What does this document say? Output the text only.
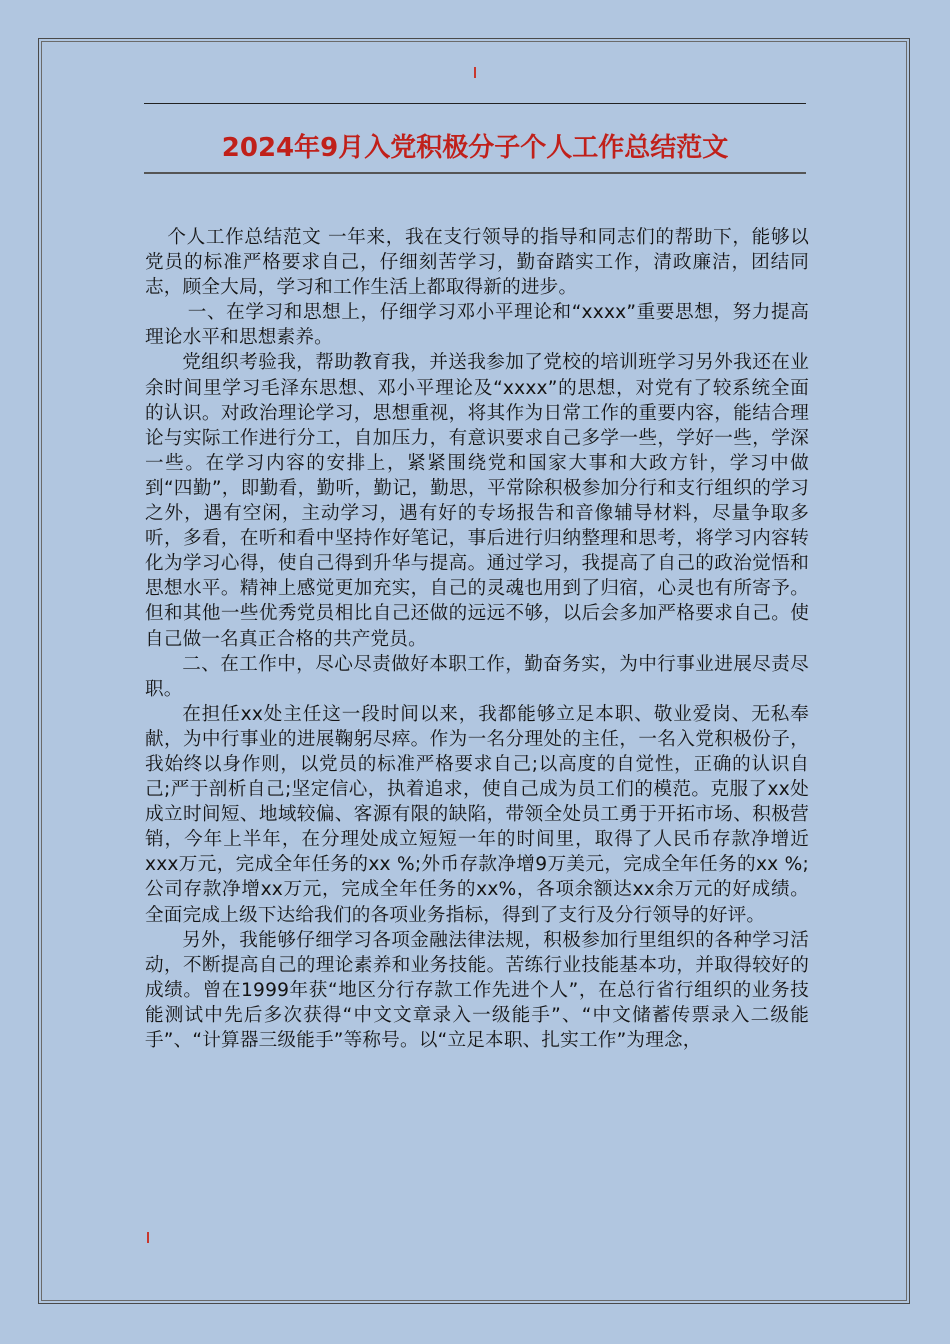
2024年9月入党积极分子个人工作总结范文

个人工作总结范文 一年来，我在支行领导的指导和同志们的帮助下，能够以党员的标准严格要求自己，仔细刻苦学习，勤奋踏实工作，清政廉洁，团结同志，顾全大局，学习和工作生活上都取得新的进步。

一、在学习和思想上，仔细学习邓小平理论和“xxxx”重要思想，努力提高理论水平和思想素养。

党组织考验我，帮助教育我，并送我参加了党校的培训班学习另外我还在业余时间里学习毛泽东思想、邓小平理论及“xxxx”的思想，对党有了较系统全面的认识。对政治理论学习，思想重视，将其作为日常工作的重要内容，能结合理论与实际工作进行分工，自加压力，有意识要求自己多学一些，学好一些，学深一些。在学习内容的安排上，紧紧围绕党和国家大事和大政方针，学习中做到“四勤”，即勤看，勤听，勤记，勤思，平常除积极参加分行和支行组织的学习之外，遇有空闲，主动学习，遇有好的专场报告和音像辅导材料，尽量争取多听，多看，在听和看中坚持作好笔记，事后进行归纳整理和思考，将学习内容转化为学习心得，使自己得到升华与提高。通过学习，我提高了自己的政治觉悟和思想水平。精神上感觉更加充实，自己的灵魂也用到了归宿，心灵也有所寄予。但和其他一些优秀党员相比自己还做的远远不够，以后会多加严格要求自己。使自己做一名真正合格的共产党员。

二、在工作中，尽心尽责做好本职工作，勤奋务实，为中行事业进展尽责尽职。

在担任xx处主任这一段时间以来，我都能够立足本职、敬业爱岗、无私奉献，为中行事业的进展鞠躬尽瘁。作为一名分理处的主任，一名入党积极份子，我始终以身作则，以党员的标准严格要求自己;以高度的自觉性，正确的认识自己;严于剖析自己;坚定信心，执着追求，使自己成为员工们的模范。克服了xx处成立时间短、地域较偏、客源有限的缺陷，带领全处员工勇于开拓市场、积极营销，今年上半年，在分理处成立短短一年的时间里，取得了人民币存款净增近xxx万元，完成全年任务的xx %;外币存款净增9万美元，完成全年任务的xx %;公司存款净增xx万元，完成全年任务的xx%，各项余额达xx余万元的好成绩。全面完成上级下达给我们的各项业务指标，得到了支行及分行领导的好评。

另外，我能够仔细学习各项金融法律法规，积极参加行里组织的各种学习活动，不断提高自己的理论素养和业务技能。苦练行业技能基本功，并取得较好的成绩。曾在1999年获“地区分行存款工作先进个人”，在总行省行组织的业务技能测试中先后多次获得“中文文章录入一级能手”、“中文储蓄传票录入二级能手”、“计算器三级能手”等称号。以“立足本职、扎实工作”为理念，
